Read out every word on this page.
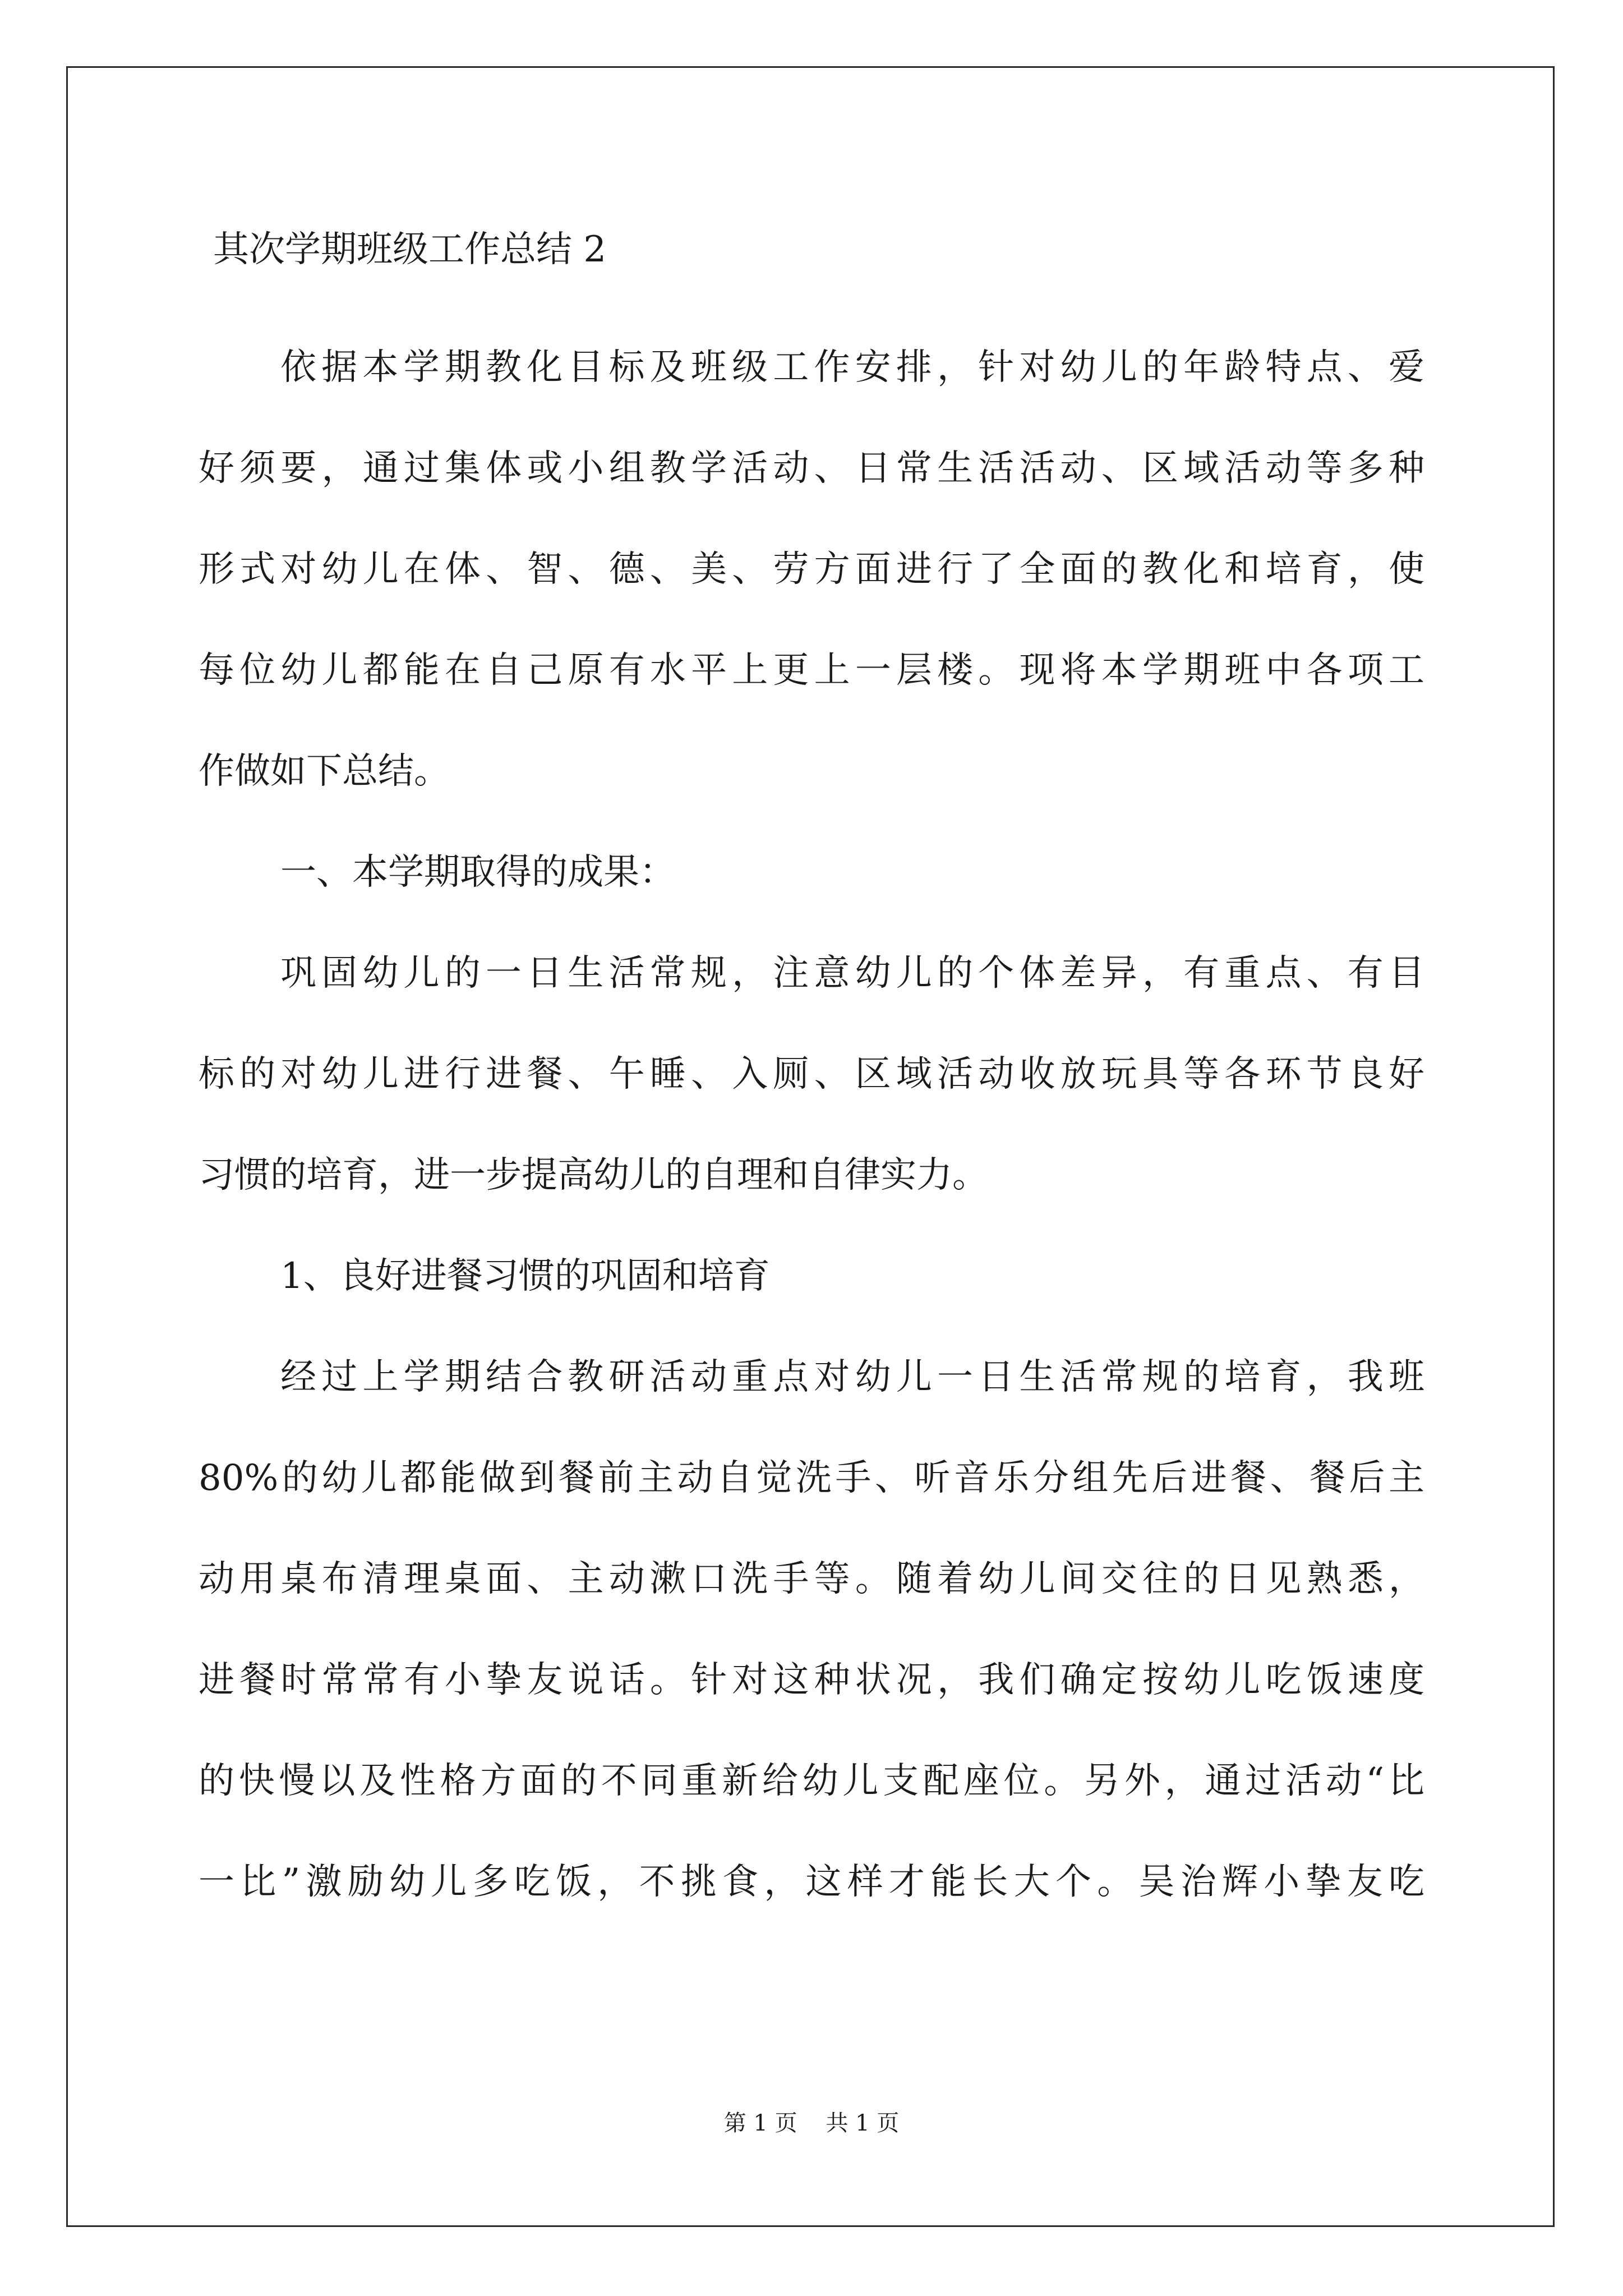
其次学期班级工作总结 2
依据本学期教化目标及班级工作安排，针对幼儿的年龄特点、爱
好须要，通过集体或小组教学活动、日常生活活动、区域活动等多种
形式对幼儿在体、智、德、美、劳方面进行了全面的教化和培育，使
每位幼儿都能在自己原有水平上更上一层楼。现将本学期班中各项工
作做如下总结。
一、本学期取得的成果：
巩固幼儿的一日生活常规，注意幼儿的个体差异，有重点、有目
标的对幼儿进行进餐、午睡、入厕、区域活动收放玩具等各环节良好
习惯的培育，进一步提高幼儿的自理和自律实力。
1、良好进餐习惯的巩固和培育
经过上学期结合教研活动重点对幼儿一日生活常规的培育，我班
80%的幼儿都能做到餐前主动自觉洗手、听音乐分组先后进餐、餐后主
动用桌布清理桌面、主动漱口洗手等。随着幼儿间交往的日见熟悉，
进餐时常常有小挚友说话。针对这种状况，我们确定按幼儿吃饭速度
的快慢以及性格方面的不同重新给幼儿支配座位。另外，通过活动“比
一比”激励幼儿多吃饭，不挑食，这样才能长大个。吴治辉小挚友吃
第 1 页    共 1 页
